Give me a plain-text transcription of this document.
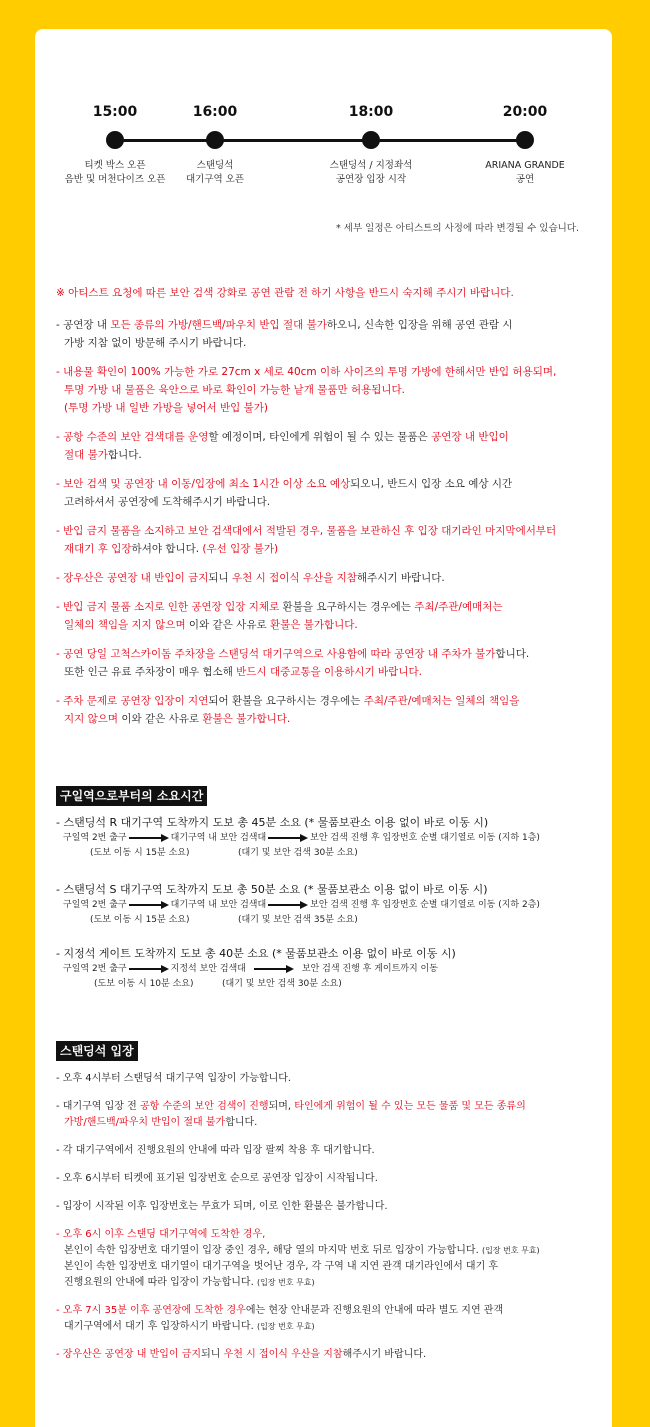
15:00
티켓 박스 오픈
음반 및 머천다이즈 오픈
16:00
스탠딩석
대기구역 오픈
18:00
스탠딩석 / 지정좌석
공연장 입장 시작
20:00
ARIANA GRANDE
공연
* 세부 일정은 아티스트의 사정에 따라 변경될 수 있습니다.
※ 아티스트 요청에 따른 보안 검색 강화로 공연 관람 전 하기 사항을 반드시 숙지해 주시기 바랍니다.
- 공연장 내 모든 종류의 가방/핸드백/파우치 반입 절대 불가하오니, 신속한 입장을 위해 공연 관람 시
가방 지참 없이 방문해 주시기 바랍니다.
- 내용물 확인이 100% 가능한 가로 27cm x 세로 40cm 이하 사이즈의 투명 가방에 한해서만 반입 허용되며,
투명 가방 내 물품은 육안으로 바로 확인이 가능한 낱개 물품만 허용됩니다.
(투명 가방 내 일반 가방을 넣어서 반입 불가)
- 공항 수준의 보안 검색대를 운영할 예정이며, 타인에게 위험이 될 수 있는 물품은 공연장 내 반입이
절대 불가합니다.
- 보안 검색 및 공연장 내 이동/입장에 최소 1시간 이상 소요 예상되오니, 반드시 입장 소요 예상 시간
고려하셔서 공연장에 도착해주시기 바랍니다.
- 반입 금지 물품을 소지하고 보안 검색대에서 적발된 경우, 물품을 보관하신 후 입장 대기라인 마지막에서부터
재대기 후 입장하셔야 합니다. (우선 입장 불가)
- 장우산은 공연장 내 반입이 금지되니 우천 시 접이식 우산을 지참해주시기 바랍니다.
- 반입 금지 물품 소지로 인한 공연장 입장 지체로 환불을 요구하시는 경우에는 주최/주관/예매처는
일체의 책임을 지지 않으며 이와 같은 사유로 환불은 불가합니다.
- 공연 당일 고척스카이돔 주차장을 스탠딩석 대기구역으로 사용함에 따라 공연장 내 주차가 불가합니다.
또한 인근 유료 주차장이 매우 협소해 반드시 대중교통을 이용하시기 바랍니다.
- 주차 문제로 공연장 입장이 지연되어 환불을 요구하시는 경우에는 주최/주관/예매처는 일체의 책임을
지지 않으며 이와 같은 사유로 환불은 불가합니다.
구일역으로부터의 소요시간
- 스탠딩석 R 대기구역 도착까지 도보 총 45분 소요 (* 물품보관소 이용 없이 바로 이동 시)
구일역 2번 출구	대기구역 내 보안 검색대	보안 검색 진행 후 입장번호 순별 대기열로 이동 (지하 1층)
(도보 이동 시 15분 소요)	(대기 및 보안 검색 30분 소요)
- 스탠딩석 S 대기구역 도착까지 도보 총 50분 소요 (* 물품보관소 이용 없이 바로 이동 시)
구일역 2번 출구	대기구역 내 보안 검색대	보안 검색 진행 후 입장번호 순별 대기열로 이동 (지하 2층)
(도보 이동 시 15분 소요)	(대기 및 보안 검색 35분 소요)
- 지정석 게이트 도착까지 도보 총 40분 소요 (* 물품보관소 이용 없이 바로 이동 시)
구일역 2번 출구	지정석 보안 검색대	보안 검색 진행 후 게이트까지 이동
(도보 이동 시 10분 소요)	(대기 및 보안 검색 30분 소요)
스탠딩석 입장
- 오후 4시부터 스탠딩석 대기구역 입장이 가능합니다.
- 대기구역 입장 전 공항 수준의 보안 검색이 진행되며, 타인에게 위험이 될 수 있는 모든 물품 및 모든 종류의
가방/핸드백/파우치 반입이 절대 불가합니다.
- 각 대기구역에서 진행요원의 안내에 따라 입장 팔찌 착용 후 대기합니다.
- 오후 6시부터 티켓에 표기된 입장번호 순으로 공연장 입장이 시작됩니다.
- 입장이 시작된 이후 입장번호는 무효가 되며, 이로 인한 환불은 불가합니다.
- 오후 6시 이후 스탠딩 대기구역에 도착한 경우,
본인이 속한 입장번호 대기열이 입장 중인 경우, 해당 열의 마지막 번호 뒤로 입장이 가능합니다. (입장 번호 무효)
본인이 속한 입장번호 대기열이 대기구역을 벗어난 경우, 각 구역 내 지연 관객 대기라인에서 대기 후
진행요원의 안내에 따라 입장이 가능합니다. (입장 번호 무효)
- 오후 7시 35분 이후 공연장에 도착한 경우에는 현장 안내문과 진행요원의 안내에 따라 별도 지연 관객
대기구역에서 대기 후 입장하시기 바랍니다. (입장 번호 무효)
- 장우산은 공연장 내 반입이 금지되니 우천 시 접이식 우산을 지참해주시기 바랍니다.
